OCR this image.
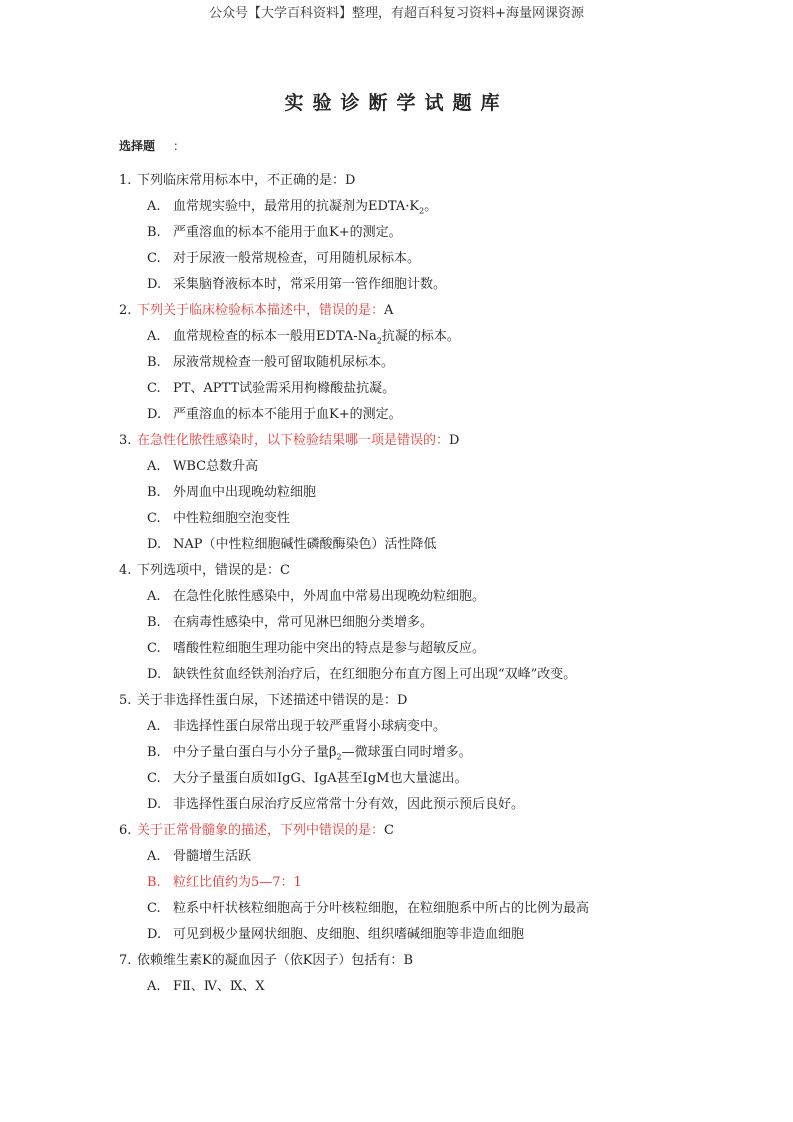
公众号【大学百科资料】整理，有超百科复习资料+海量网课资源
实验诊断学试题库
选择题 ：
1. 下列临床常用标本中，不正确的是：D
A. 血常规实验中，最常用的抗凝剂为$EDTA\cdot K_2$。
B. 严重溶血的标本不能用于血K+的测定。
C. 对于尿液一般常规检查，可用随机尿标本。
D. 采集脑脊液标本时，常采用第一管作细胞计数。
2. 下列关于临床检验标本描述中，错误的是：A
A. 血常规检查的标本一般用EDTA-$Na_2$抗凝的标本。
B. 尿液常规检查一般可留取随机尿标本。
C. PT、APTT试验需采用枸橼酸盐抗凝。
D. 严重溶血的标本不能用于血K+的测定。
3. 在急性化脓性感染时，以下检验结果哪一项是错误的：D
A. WBC总数升高
B. 外周血中出现晚幼粒细胞
C. 中性粒细胞空泡变性
D. NAP（中性粒细胞碱性磷酸酶染色）活性降低
4. 下列选项中，错误的是：C
A. 在急性化脓性感染中，外周血中常易出现晚幼粒细胞。
B. 在病毒性感染中，常可见淋巴细胞分类增多。
C. 嗜酸性粒细胞生理功能中突出的特点是参与超敏反应。
D. 缺铁性贫血经铁剂治疗后，在红细胞分布直方图上可出现“双峰”改变。
5. 关于非选择性蛋白尿，下述描述中错误的是：D
A. 非选择性蛋白尿常出现于较严重肾小球病变中。
B. 中分子量白蛋白与小分子量$\beta_2—$微球蛋白同时增多。
C. 大分子量蛋白质如IgG、IgA甚至IgM也大量滤出。
D. 非选择性蛋白尿治疗反应常常十分有效，因此预示预后良好。
6. 关于正常骨髓象的描述，下列中错误的是：C
A. 骨髓增生活跃
B. 粒红比值约为5—7：1
C. 粒系中杆状核粒细胞高于分叶核粒细胞，在粒细胞系中所占的比例为最高
D. 可见到极少量网状细胞、皮细胞、组织嗜碱细胞等非造血细胞
7. 依赖维生素K的凝血因子（依K因子）包括有：B
A. FⅡ、Ⅳ、Ⅸ、Ⅹ
